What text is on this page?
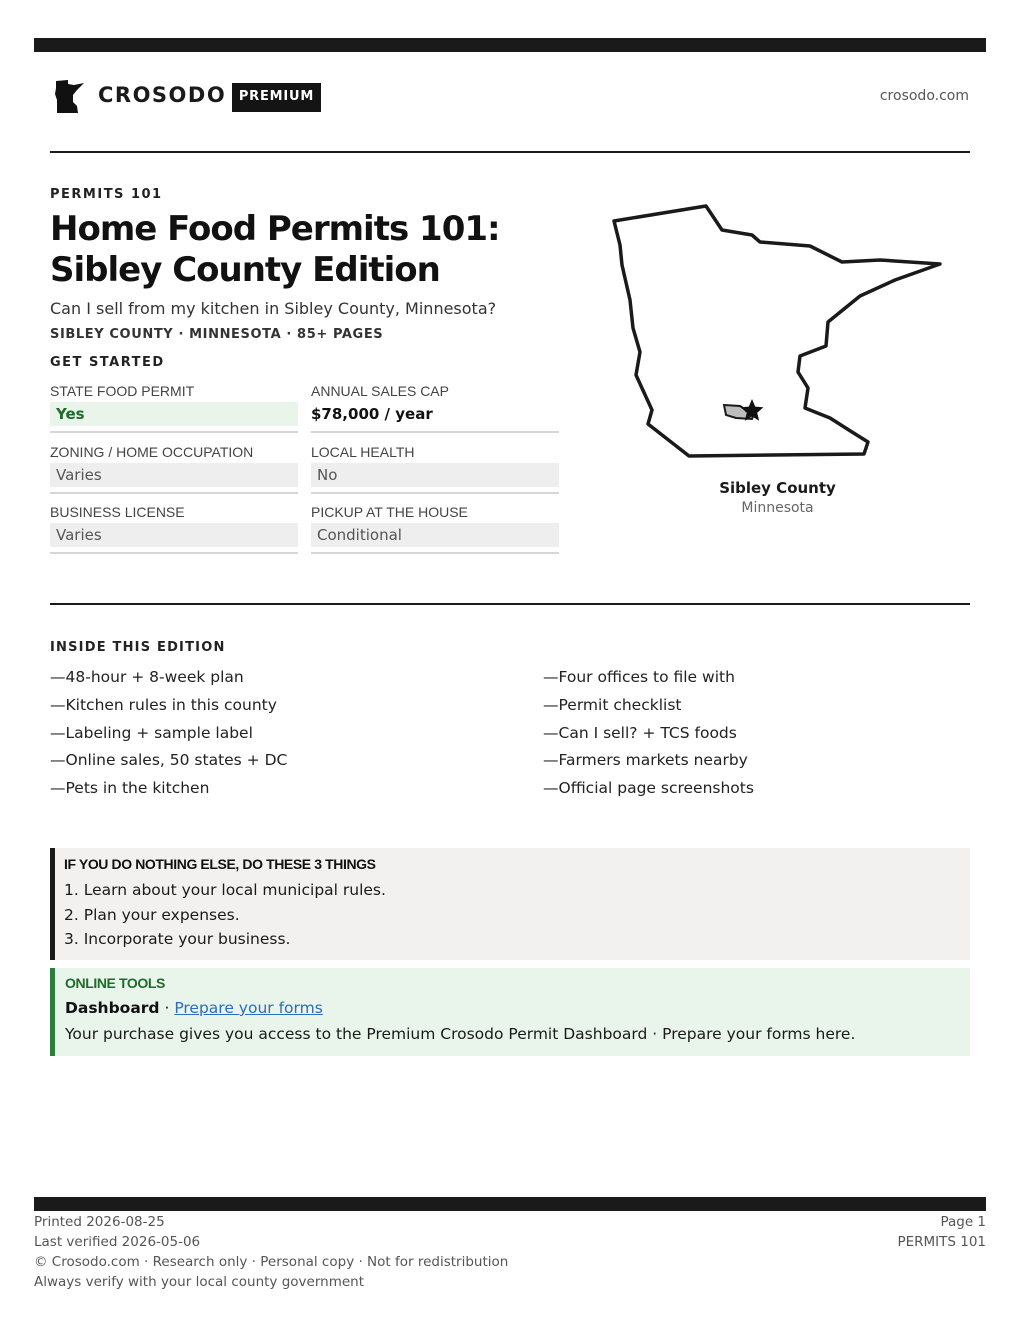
CROSODO PREMIUM	crosodo.com
PERMITS 101
Home Food Permits 101: Sibley County Edition
Can I sell from my kitchen in Sibley County, Minnesota?
SIBLEY COUNTY · MINNESOTA · 85+ PAGES
GET STARTED
STATE FOOD PERMIT
Yes
ANNUAL SALES CAP
$78,000 / year
ZONING / HOME OCCUPATION
Varies
LOCAL HEALTH
No
BUSINESS LICENSE
Varies
PICKUP AT THE HOUSE
Conditional
Sibley County
Minnesota
INSIDE THIS EDITION
—48-hour + 8-week plan
—Kitchen rules in this county
—Labeling + sample label
—Online sales, 50 states + DC
—Pets in the kitchen
—Four offices to file with
—Permit checklist
—Can I sell? + TCS foods
—Farmers markets nearby
—Official page screenshots
IF YOU DO NOTHING ELSE, DO THESE 3 THINGS
1. Learn about your local municipal rules.
2. Plan your expenses.
3. Incorporate your business.
ONLINE TOOLS
Dashboard · Prepare your forms
Your purchase gives you access to the Premium Crosodo Permit Dashboard · Prepare your forms here.
Printed 2026-08-25
Last verified 2026-05-06
© Crosodo.com · Research only · Personal copy · Not for redistribution
Always verify with your local county government
Page 1
PERMITS 101
